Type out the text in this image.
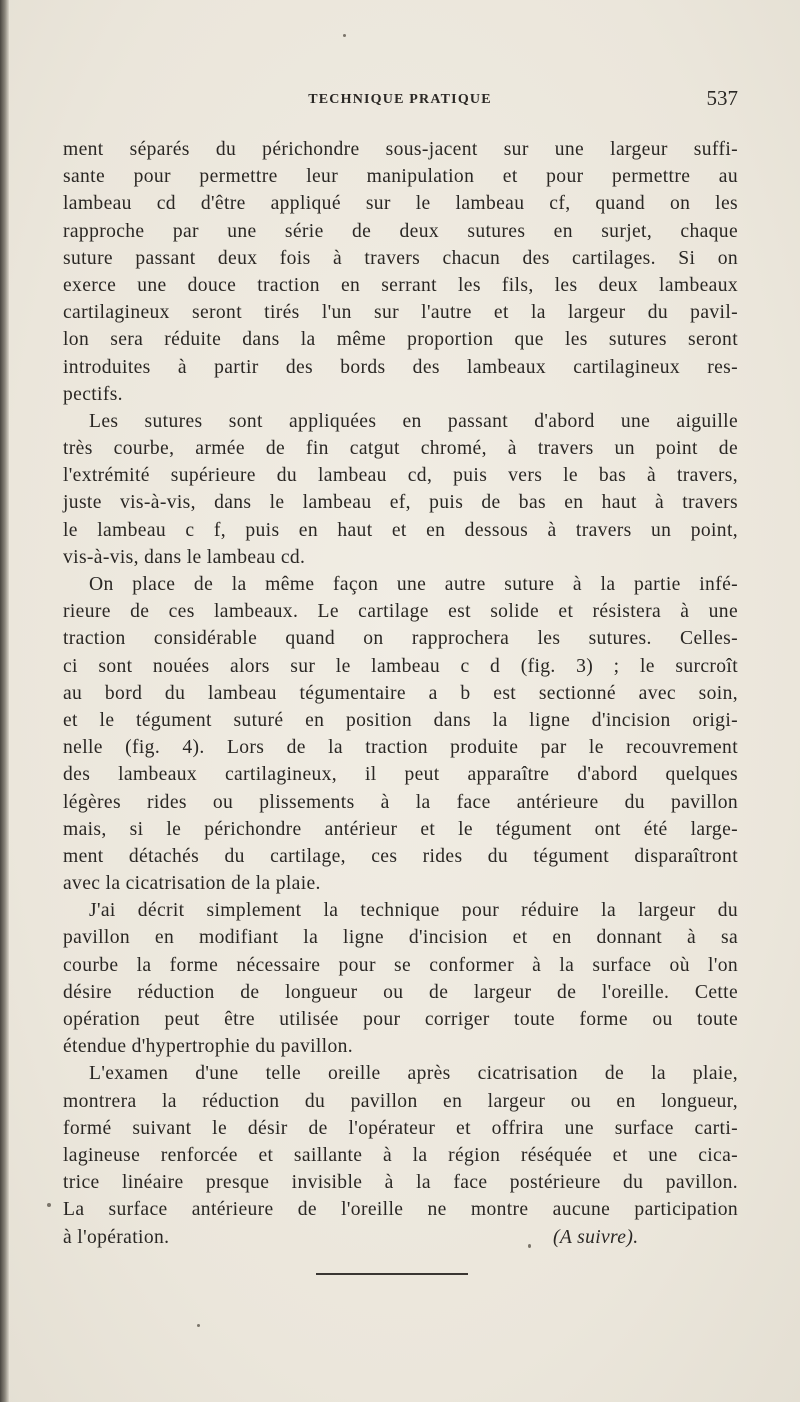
TECHNIQUE PRATIQUE	537

ment séparés du périchondre sous-jacent sur une largeur suffi-
sante pour permettre leur manipulation et pour permettre au
lambeau cd d'être appliqué sur le lambeau cf, quand on les
rapproche par une série de deux sutures en surjet, chaque
suture passant deux fois à travers chacun des cartilages. Si on
exerce une douce traction en serrant les fils, les deux lambeaux
cartilagineux seront tirés l'un sur l'autre et la largeur du pavil-
lon sera réduite dans la même proportion que les sutures seront
introduites à partir des bords des lambeaux cartilagineux res-
pectifs.

Les sutures sont appliquées en passant d'abord une aiguille
très courbe, armée de fin catgut chromé, à travers un point de
l'extrémité supérieure du lambeau cd, puis vers le bas à travers,
juste vis-à-vis, dans le lambeau ef, puis de bas en haut à travers
le lambeau c f, puis en haut et en dessous à travers un point,
vis-à-vis, dans le lambeau cd.

On place de la même façon une autre suture à la partie infé-
rieure de ces lambeaux. Le cartilage est solide et résistera à une
traction considérable quand on rapprochera les sutures. Celles-
ci sont nouées alors sur le lambeau c d (fig. 3) ; le surcroît
au bord du lambeau tégumentaire a b est sectionné avec soin,
et le tégument suturé en position dans la ligne d'incision origi-
nelle (fig. 4). Lors de la traction produite par le recouvrement
des lambeaux cartilagineux, il peut apparaître d'abord quelques
légères rides ou plissements à la face antérieure du pavillon
mais, si le périchondre antérieur et le tégument ont été large-
ment détachés du cartilage, ces rides du tégument disparaîtront
avec la cicatrisation de la plaie.

J'ai décrit simplement la technique pour réduire la largeur du
pavillon en modifiant la ligne d'incision et en donnant à sa
courbe la forme nécessaire pour se conformer à la surface où l'on
désire réduction de longueur ou de largeur de l'oreille. Cette
opération peut être utilisée pour corriger toute forme ou toute
étendue d'hypertrophie du pavillon.

L'examen d'une telle oreille après cicatrisation de la plaie,
montrera la réduction du pavillon en largeur ou en longueur,
formé suivant le désir de l'opérateur et offrira une surface carti-
lagineuse renforcée et saillante à la région réséquée et une cica-
trice linéaire presque invisible à la face postérieure du pavillon.
La surface antérieure de l'oreille ne montre aucune participation

à l'opération.	(A suivre).
